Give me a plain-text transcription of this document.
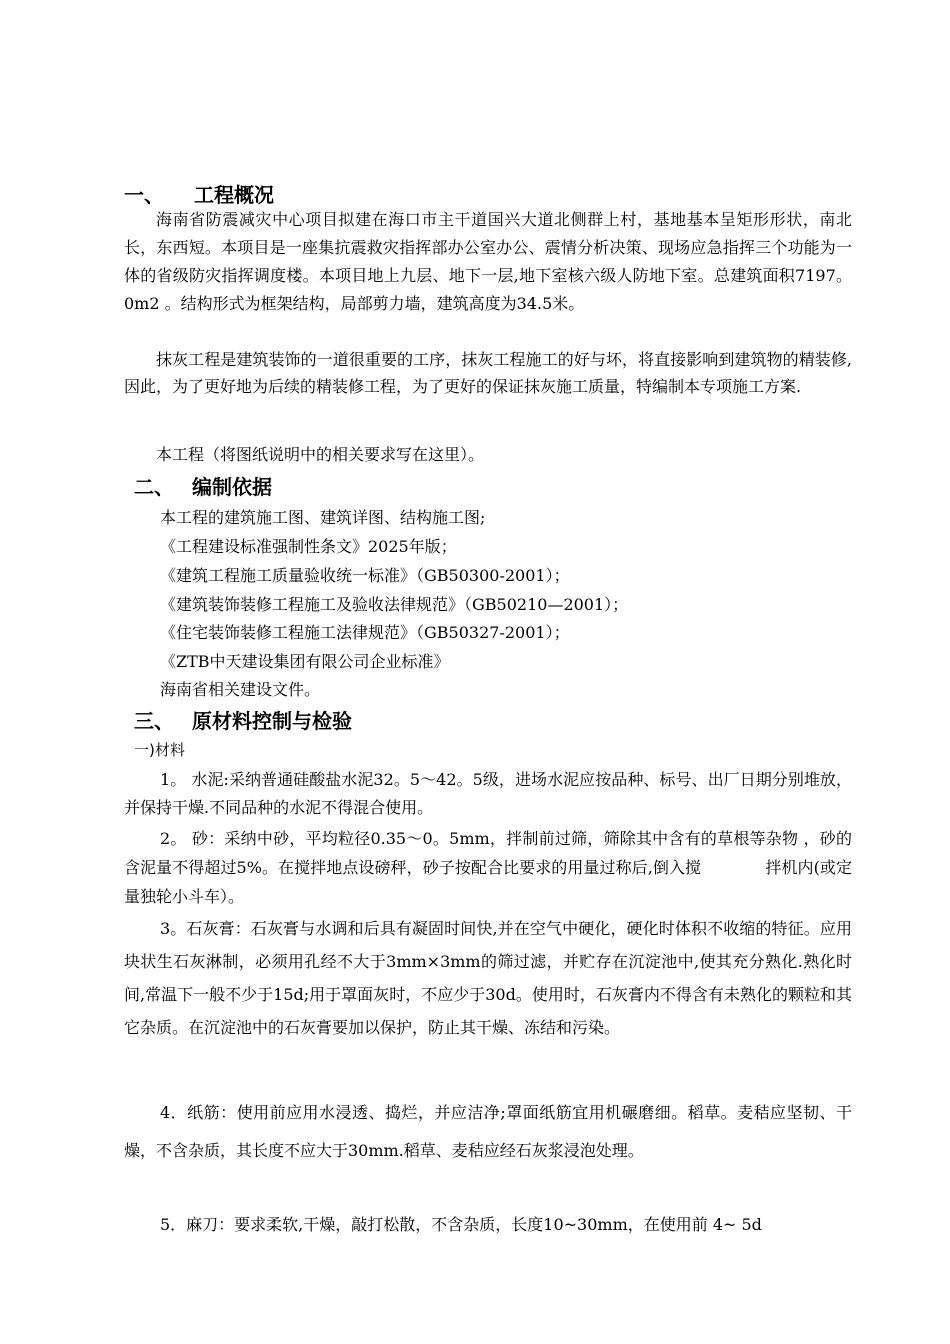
一、 工程概况
海南省防震减灾中心项目拟建在海口市主干道国兴大道北侧群上村，基地基本呈矩形形状，南北长，东西短。本项目是一座集抗震救灾指挥部办公室办公、震情分析决策、现场应急指挥三个功能为一体的省级防灾指挥调度楼。本项目地上九层、地下一层,地下室核六级人防地下室。总建筑面积7197。0m2 。结构形式为框架结构，局部剪力墙，建筑高度为34.5米。
抹灰工程是建筑装饰的一道很重要的工序，抹灰工程施工的好与坏，将直接影响到建筑物的精装修,因此，为了更好地为后续的精装修工程，为了更好的保证抹灰施工质量，特编制本专项施工方案.
本工程（将图纸说明中的相关要求写在这里）。
二、 编制依据
本工程的建筑施工图、建筑详图、结构施工图;
《工程建设标准强制性条文》2025年版；
《建筑工程施工质量验收统一标准》（GB50300-2001）；
《建筑装饰装修工程施工及验收法律规范》（GB50210—2001）；
《住宅装饰装修工程施工法律规范》（GB50327-2001）；
《ZTB中天建设集团有限公司企业标准》
海南省相关建设文件。
三、 原材料控制与检验
一)材料
1。 水泥:采纳普通硅酸盐水泥32。5～42。5级，进场水泥应按品种、标号、出厂日期分别堆放，并保持干燥.不同品种的水泥不得混合使用。
2。 砂：采纳中砂，平均粒径0.35～0。5mm，拌制前过筛，筛除其中含有的草根等杂物 ，砂的含泥量不得超过5%。在搅拌地点设磅秤，砂子按配合比要求的用量过称后,倒入搅　　　　拌机内(或定量独轮小斗车）。
3。石灰膏：石灰膏与水调和后具有凝固时间快,并在空气中硬化，硬化时体积不收缩的特征。应用块状生石灰淋制，必须用孔经不大于3mm×3mm的筛过滤，并贮存在沉淀池中,使其充分熟化.熟化时间,常温下一般不少于15d;用于罩面灰时，不应少于30d。使用时，石灰膏内不得含有未熟化的颗粒和其它杂质。在沉淀池中的石灰膏要加以保护，防止其干燥、冻结和污染。
4．纸筋：使用前应用水浸透、捣烂，并应洁净;罩面纸筋宜用机碾磨细。稻草。麦秸应坚韧、干燥，不含杂质，其长度不应大于30mm.稻草、麦秸应经石灰浆浸泡处理。
5．麻刀：要求柔软,干燥，敲打松散，不含杂质，长度10~30mm，在使用前 4~ 5d
